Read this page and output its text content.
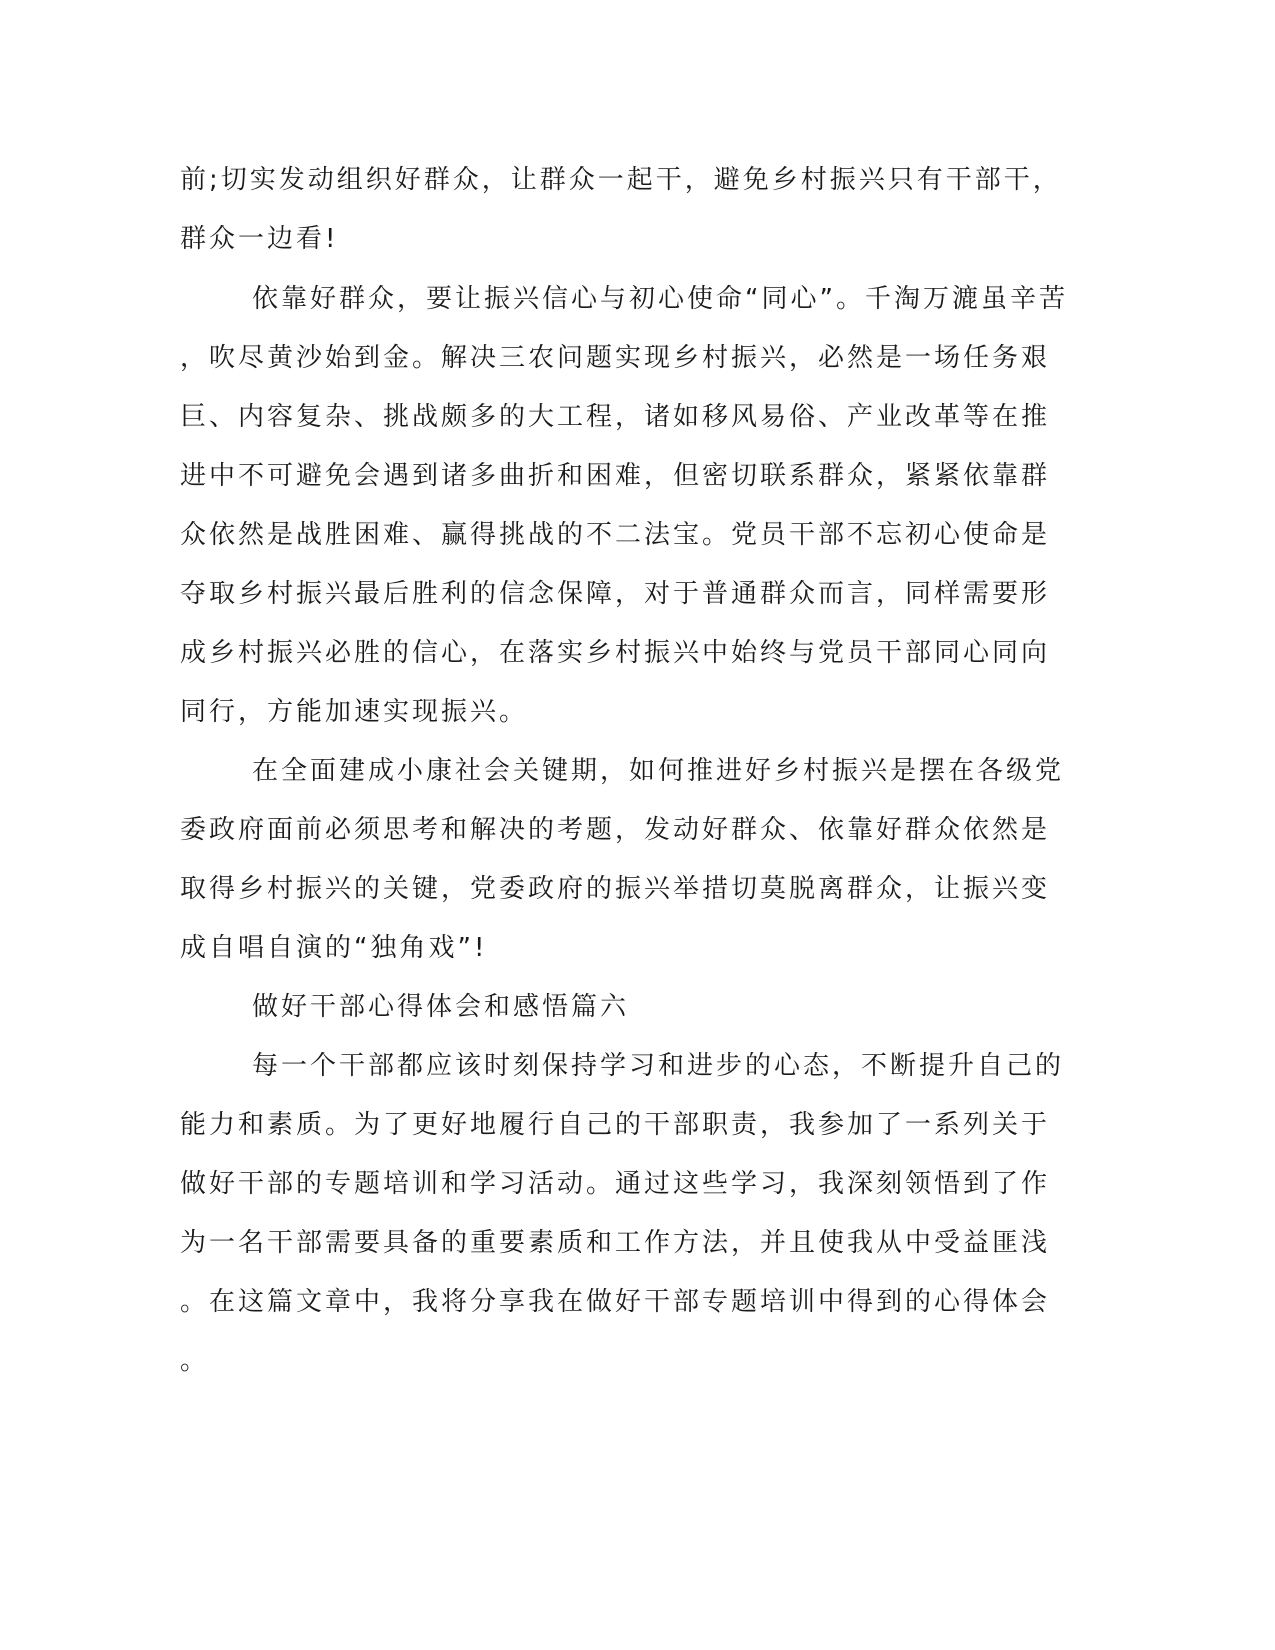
前;切实发动组织好群众，让群众一起干，避免乡村振兴只有干部干，
群众一边看!
依靠好群众，要让振兴信心与初心使命“同心”。千淘万漉虽辛苦
，吹尽黄沙始到金。解决三农问题实现乡村振兴，必然是一场任务艰
巨、内容复杂、挑战颇多的大工程，诸如移风易俗、产业改革等在推
进中不可避免会遇到诸多曲折和困难，但密切联系群众，紧紧依靠群
众依然是战胜困难、赢得挑战的不二法宝。党员干部不忘初心使命是
夺取乡村振兴最后胜利的信念保障，对于普通群众而言，同样需要形
成乡村振兴必胜的信心，在落实乡村振兴中始终与党员干部同心同向
同行，方能加速实现振兴。
在全面建成小康社会关键期，如何推进好乡村振兴是摆在各级党
委政府面前必须思考和解决的考题，发动好群众、依靠好群众依然是
取得乡村振兴的关键，党委政府的振兴举措切莫脱离群众，让振兴变
成自唱自演的“独角戏”!
做好干部心得体会和感悟篇六
每一个干部都应该时刻保持学习和进步的心态，不断提升自己的
能力和素质。为了更好地履行自己的干部职责，我参加了一系列关于
做好干部的专题培训和学习活动。通过这些学习，我深刻领悟到了作
为一名干部需要具备的重要素质和工作方法，并且使我从中受益匪浅
。在这篇文章中，我将分享我在做好干部专题培训中得到的心得体会
。
